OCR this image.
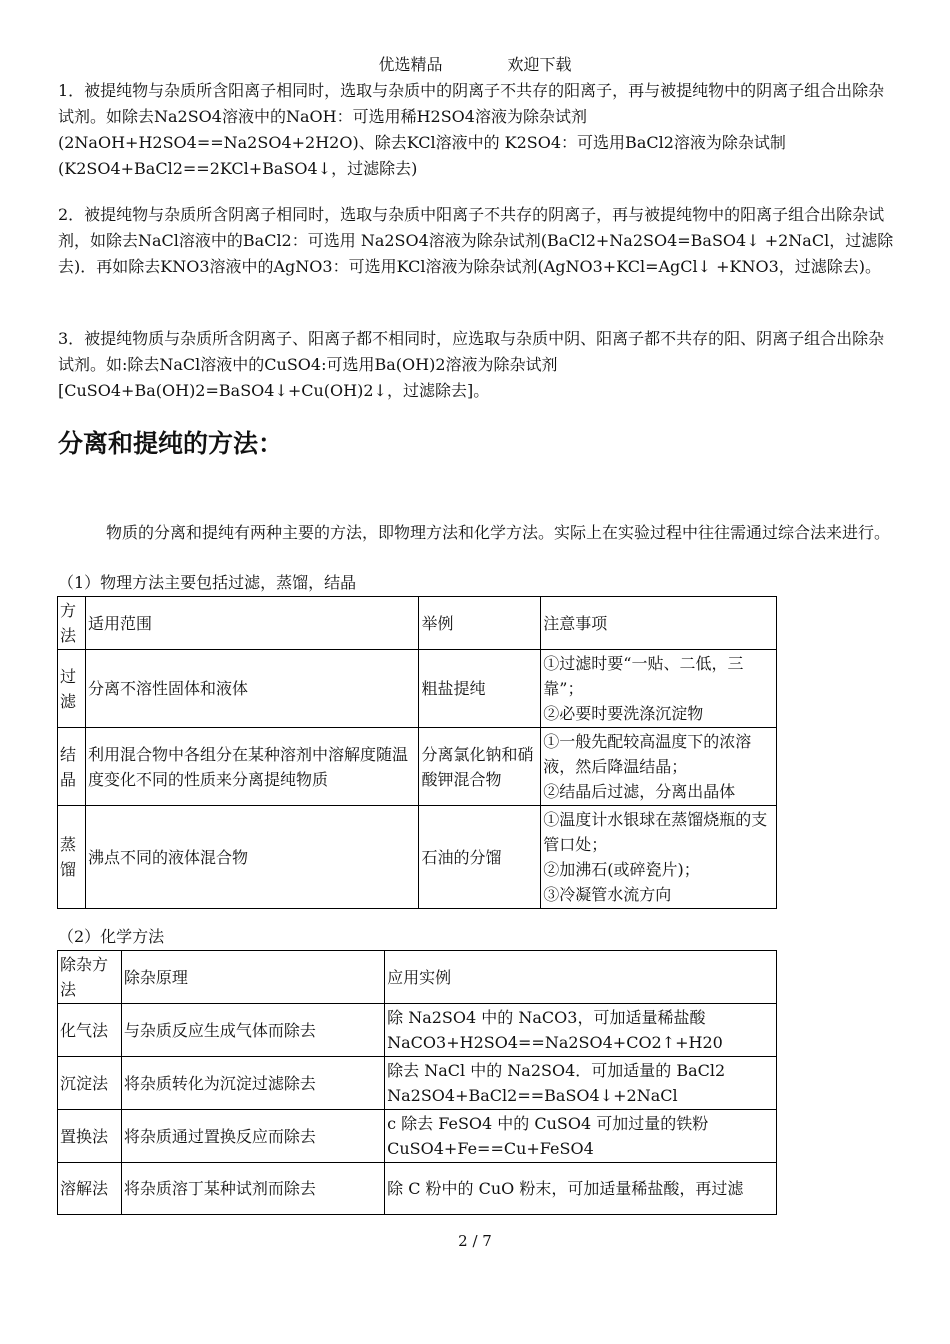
优选精品	欢迎下载
1．被提纯物与杂质所含阳离子相同时，选取与杂质中的阴离子不共存的阳离子，再与被提纯物中的阴离子组合出除杂试剂。如除去Na2SO4溶液中的NaOH：可选用稀H2SO4溶液为除杂试剂(2NaOH+H2SO4==Na2SO4+2H2O)、除去KCl溶液中的 K2SO4：可选用BaCl2溶液为除杂试制(K2SO4+BaCl2==2KCl+BaSO4↓，过滤除去)
2．被提纯物与杂质所含阴离子相同时，选取与杂质中阳离子不共存的阴离子，再与被提纯物中的阳离子组合出除杂试剂，如除去NaCl溶液中的BaCl2：可选用 Na2SO4溶液为除杂试剂(BaCl2+Na2SO4=BaSO4↓ +2NaCl，过滤除去)．再如除去KNO3溶液中的AgNO3：可选用KCl溶液为除杂试剂(AgNO3+KCl=AgCl↓ +KNO3，过滤除去)。
3．被提纯物质与杂质所含阴离子、阳离子都不相同时，应选取与杂质中阴、阳离子都不共存的阳、阴离子组合出除杂试剂。如:除去NaCl溶液中的CuSO4:可选用Ba(OH)2溶液为除杂试剂[CuSO4+Ba(OH)2=BaSO4↓+Cu(OH)2↓，过滤除去]。
分离和提纯的方法：
物质的分离和提纯有两种主要的方法，即物理方法和化学方法。实际上在实验过程中往往需通过综合法来进行。
（1）物理方法主要包括过滤，蒸馏，结晶
方法	适用范围	举例	注意事项
过滤	分离不溶性固体和液体	粗盐提纯	①过滤时要“一贴、二低，三靠”；
②必要时要洗涤沉淀物
结晶	利用混合物中各组分在某种溶剂中溶解度随温度变化不同的性质来分离提纯物质	分离氯化钠和硝酸钾混合物	①一般先配较高温度下的浓溶液，然后降温结晶；
②结晶后过滤，分离出晶体
蒸馏	沸点不同的液体混合物	石油的分馏	①温度计水银球在蒸馏烧瓶的支管口处；
②加沸石(或碎瓷片)；
③冷凝管水流方向
（2）化学方法
除杂方法	除杂原理	应用实例
化气法	与杂质反应生成气体而除去	除 Na2SO4 中的 NaCO3，可加适量稀盐酸
NaCO3+H2SO4==Na2SO4+CO2↑+H20
沉淀法	将杂质转化为沉淀过滤除去	除去 NaCl 中的 Na2SO4．可加适量的 BaCl2
Na2SO4+BaCl2==BaSO4↓+2NaCl
置换法	将杂质通过置换反应而除去	c 除去 FeSO4 中的 CuSO4 可加过量的铁粉
CuSO4+Fe==Cu+FeSO4
溶解法	将杂质溶丁某种试剂而除去	除 C 粉中的 CuO 粉末，可加适量稀盐酸，再过滤
2 / 7
